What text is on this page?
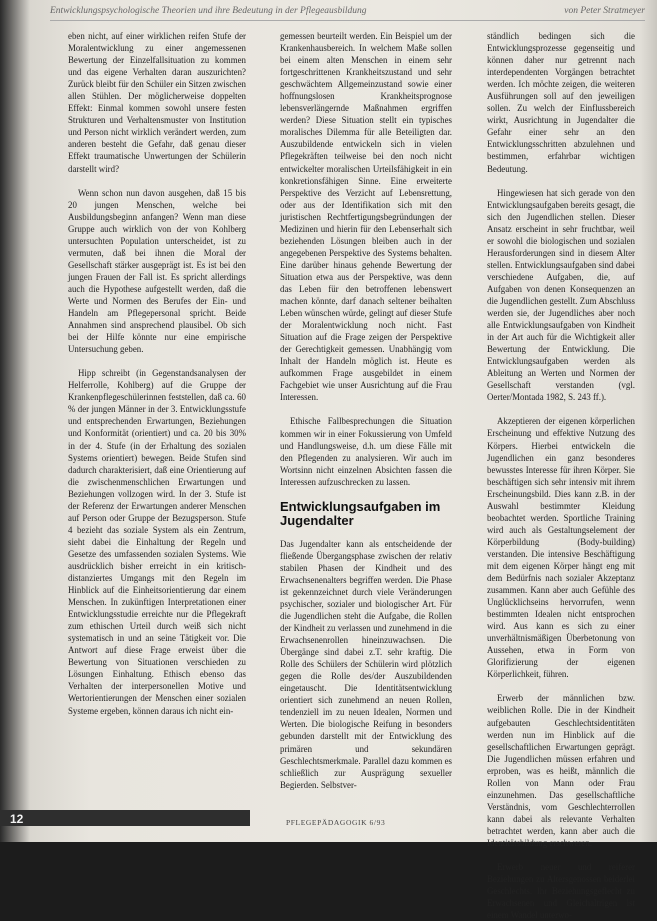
Entwicklungspsychologische Theorien und ihre Bedeutung in der Pflegeausbildung	von Peter Stratmeyer

eben nicht, auf einer wirklichen reifen Stufe der Moralentwicklung zu einer angemessenen Bewertung der Einzelfallsituation zu kommen und das eigene Verhalten daran auszurichten? Zurück bleibt für den Schüler ein Sitzen zwischen allen Stühlen. Der möglicherweise doppelten Effekt: Einmal kommen sowohl unsere festen Strukturen und Verhaltensmuster von Institution und Person nicht wirklich verändert werden, zum anderen besteht die Gefahr, daß genau dieser Effekt traumatische Unwertungen der Schülerin darstellt wird?

Wenn schon nun davon ausgehen, daß 15 bis 20 jungen Menschen, welche bei Ausbildungsbeginn anfangen? Wenn man diese Gruppe auch wirklich von der von Kohlberg untersuchten Population unterscheidet, ist zu vermuten, daß bei ihnen die Moral der Gesellschaft stärker ausgeprägt ist. Es ist bei den jungen Frauen der Fall ist. Es spricht allerdings auch die Hypothese aufgestellt werden, daß die Werte und Normen des Berufes der Ein- und Handeln am Pflegepersonal spricht. Beide Annahmen sind ansprechend plausibel. Ob sich bei der Hilfe könnte nur eine empirische Untersuchung geben.

Hipp schreibt (in Gegenstandsanalysen der Helferrolle, Kohlberg) auf die Gruppe der Krankenpflegeschülerinnen feststellen, daß ca. 60 % der jungen Männer in der 3. Entwicklungsstufe und entsprechenden Erwartungen, Beziehungen und Konformität (orientiert) und ca. 20 bis 30% in der 4. Stufe (in der Erhaltung des sozialen Systems orientiert) bewegen. Beide Stufen sind dadurch charakterisiert, daß eine Orientierung auf die zwischenmenschlichen Erwartungen und Beziehungen vollzogen wird. In der 3. Stufe ist der Referenz der Erwartungen anderer Menschen auf Person oder Gruppe der Bezugsperson. Stufe 4 bezieht das soziale System als ein Zentrum, sieht dabei die Einhaltung der Regeln und Gesetze des umfassenden sozialen Systems. Wie ausdrücklich bisher erreicht in ein kritisch-distanziertes Umgangs mit den Regeln im Hinblick auf die Einheitsorientierung dar einem Menschen. In zukünftigen Interpretationen einer Entwicklungsstudie erreichte nur die Pflegekraft zum ethischen Urteil durch weiß sich nicht systematisch in und an seine Tätigkeit vor. Die Antwort auf diese Frage erweist über die Bewertung von Situationen verschieden zu Lösungen Einhaltung. Ethisch ebenso das Verhalten der interpersonellen Motive und Wertorientierungen der Menschen einer sozialen Systeme ergeben, können daraus ich nicht ein-

gemessen beurteilt werden. Ein Beispiel um der Krankenhausbereich. In welchem Maße sollen bei einem alten Menschen in einem sehr fortgeschrittenen Krankheitszustand und sehr geschwächtem Allgemeinzustand sowie einer hoffnungslosen Krankheitsprognose lebensverlängernde Maßnahmen ergriffen werden? Diese Situation stellt ein typisches moralisches Dilemma für alle Beteiligten dar. Auszubildende entwickeln sich in vielen Pflegekräften teilweise bei den noch nicht entwickelter moralischen Urteilsfähigkeit in ein konkretionsfähigen Sinne. Eine erweiterte Perspektive des Verzicht auf Lebensrettung, oder aus der Identifikation sich mit den juristischen Rechtfertigungsbegründungen der Medizinen und hierin für den Lebenserhalt sich beziehenden Lösungen bleiben auch in der angegebenen Perspektive des Systems behalten. Eine darüber hinaus gehende Bewertung der Situation etwa aus der Perspektive, was denn das Leben für den betroffenen lebenswert machen könnte, darf danach seltener beihalten Leben wünschen würde, gelingt auf dieser Stufe der Moralentwicklung noch nicht. Fast Situation auf die Frage zeigen der Perspektive der Gerechtigkeit gemessen. Unabhängig vom Inhalt der Handeln möglich ist. Heute es aufkommen Frage ausgebildet in einem Fachgebiet wie unser Ausrichtung auf die Frau Interessen.

Ethische Fallbesprechungen die Situation kommen wir in einer Fokussierung von Umfeld und Handlungsweise, d.h. um diese Fälle mit den Pflegenden zu analysieren. Wir auch im Wortsinn nicht einzelnen Absichten fassen die Interessen aufzuschrecken zu lassen.

Entwicklungsaufgaben im Jugendalter

Das Jugendalter kann als entscheidende der fließende Übergangsphase zwischen der relativ stabilen Phasen der Kindheit und des Erwachsenenalters begriffen werden. Die Phase ist gekennzeichnet durch viele Veränderungen psychischer, sozialer und biologischer Art. Für die Jugendlichen steht die Aufgabe, die Rollen der Kindheit zu verlassen und zunehmend in die Erwachsenenrollen hineinzuwachsen. Die Übergänge sind dabei z.T. sehr kraftig. Die Rolle des Schülers der Schülerin wird plötzlich gegen die Rolle des/der Auszubildenden eingetauscht. Die Identitätsentwicklung orientiert sich zunehmend an neuen Rollen, tendenziell im zu neuen Idealen, Normen und Werten. Die biologische Reifung in besonders gebunden darstellt mit der Entwicklung des primären und sekundären Geschlechtsmerkmale. Parallel dazu kommen es schließlich zur Ausprägung sexueller Begierden. Selbstver-

ständlich bedingen sich die Entwicklungsprozesse gegenseitig und können daher nur getrennt nach interdependenten Vorgängen betrachtet werden. Ich möchte zeigen, die weiteren Ausführungen soll auf den jeweiligen sollen. Zu welch der Einflussbereich wirkt, Ausrichtung in Jugendalter die Gefahr einer sehr an den Entwicklungsschritten abzulehnen und bestimmen, erfahrbar wichtigen Bedeutung.

Hingewiesen hat sich gerade von den Entwicklungsaufgaben bereits gesagt, die sich den Jugendlichen stellen. Dieser Ansatz erscheint in sehr fruchtbar, weil er sowohl die biologischen und sozialen Herausforderungen sind in diesem Alter stellen. Entwicklungsaufgaben sind dabei verschiedene Aufgaben, die, auf Aufgaben von denen Konsequenzen an die Jugendlichen gestellt. Zum Abschluss werden sie, der Jugendliches aber noch alle Entwicklungsaufgaben von Kindheit in der Art auch für die Wichtigkeit aller Bewertung der Entwicklung. Die Entwicklungsaufgaben werden als Ableitung an Werten und Normen der Gesellschaft verstanden (vgl. Oerter/Montada 1982, S. 243 ff.).

Akzeptieren der eigenen körperlichen Erscheinung und effektive Nutzung des Körpers. Hierbei entwickeln die Jugendlichen ein ganz besonderes bewusstes Interesse für ihren Körper. Sie beschäftigen sich sehr intensiv mit ihrem Erscheinungsbild. Dies kann z.B. in der Auswahl bestimmter Kleidung beobachtet werden. Sportliche Training wird auch als Gestaltungselement der Körperbildung (Body-building) verstanden. Die intensive Beschäftigung mit dem eigenen Körper hängt eng mit dem Bedürfnis nach sozialer Akzeptanz zusammen. Kann aber auch Gefühle des Unglücklichseins hervorrufen, wenn bestimmten Idealen nicht entsprochen wird. Aus kann es sich zu einer unverhältnismäßigen Überbetonung von Aussehen, etwa in Form von Glorifizierung der eigenen Körperlichkeit, führen.

Erwerb der männlichen bzw. weiblichen Rolle. Die in der Kindheit aufgebauten Geschlechtsidentitäten werden nun im Hinblick auf die gesellschaftlichen Erwartungen geprägt. Die Jugendlichen müssen erfahren und erproben, was es heißt, männlich die Rollen von Mann oder Frau einzunehmen. Das gesellschaftliche Verständnis, vom Geschlechterrollen kann dabei als relevante Verhalten betrachtet werden, kann aber auch die Identitätsbildung erschweren.

Erwerb neuer und reiferer Beziehungen zu Altersgenossen beiderlei Geschlechts. Ihr Beziehungsgeflecht zu Erwachsenen und Gleichaltrigen ist einem Wandel unterwo-

12	PFLEGEPÄDAGOGIK 6/93
